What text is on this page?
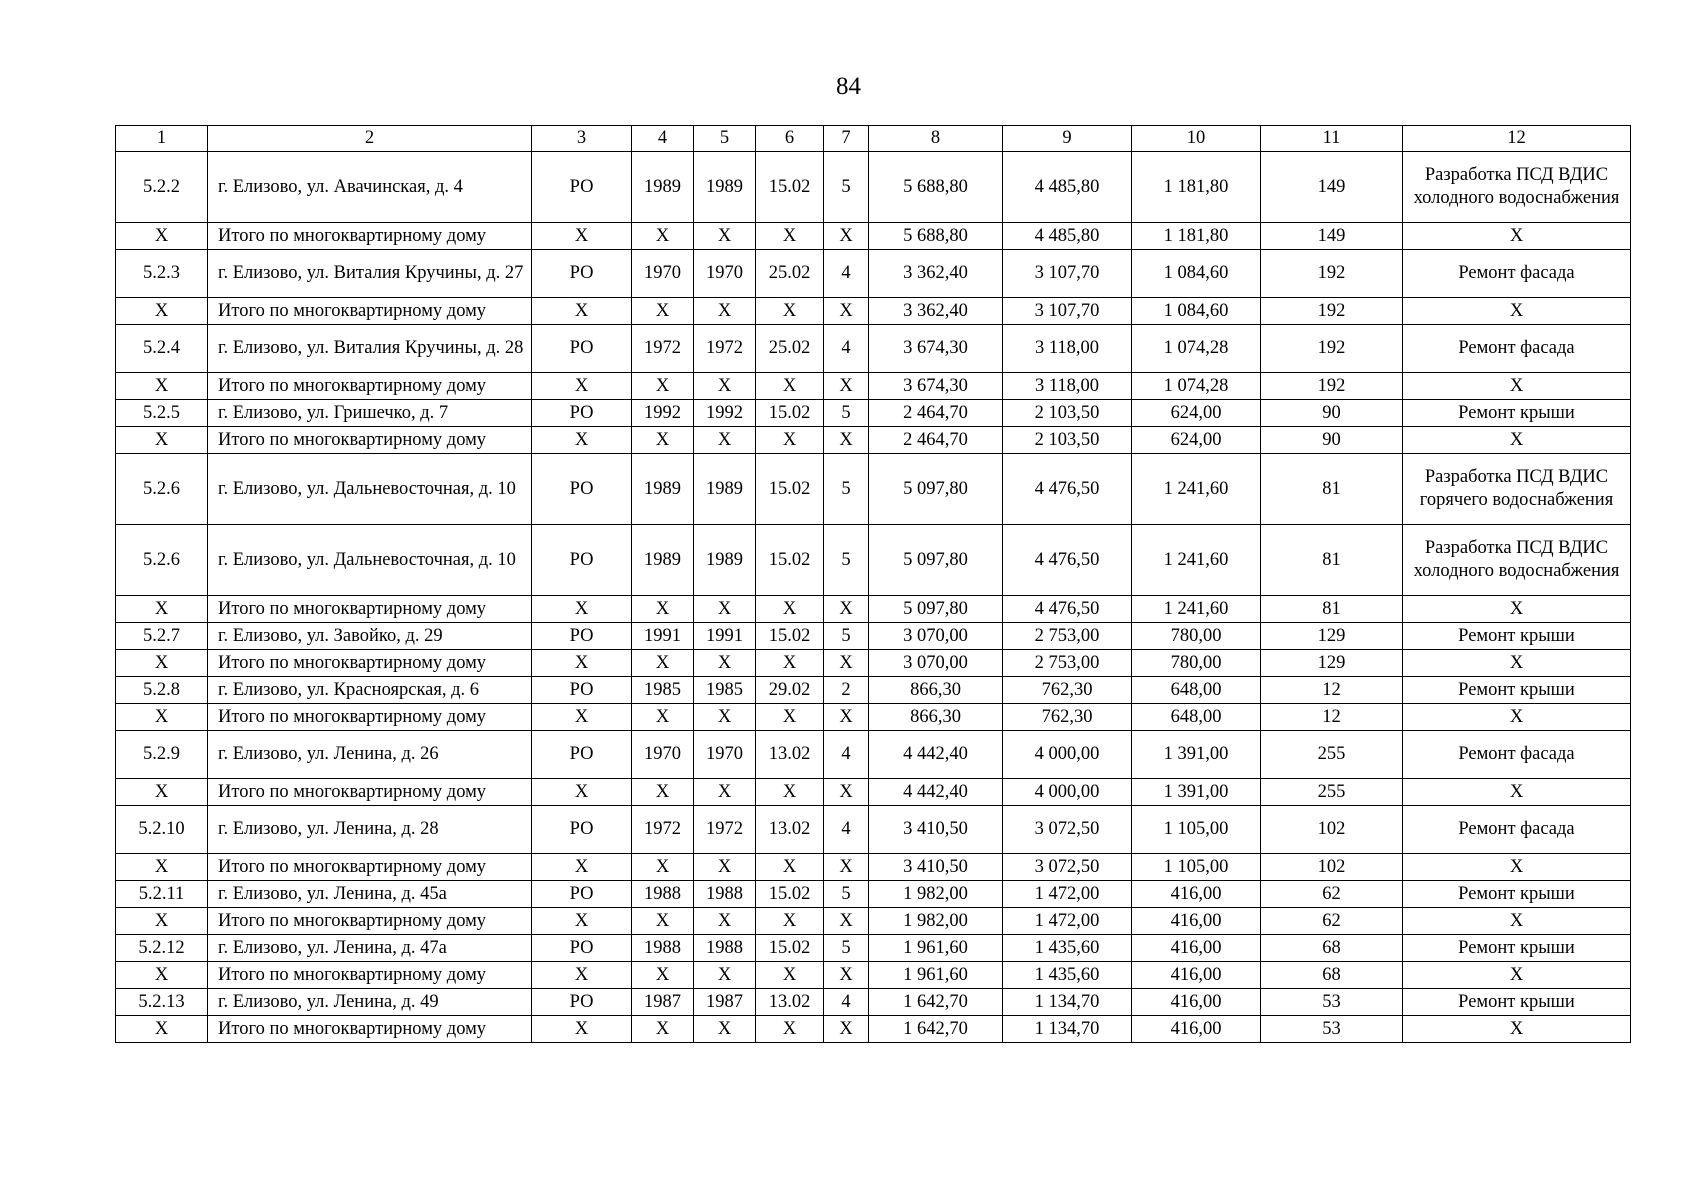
84
1	2	3	4	5	6	7	8	9	10	11	12
5.2.2	г. Елизово, ул. Авачинская, д. 4	РО	1989	1989	15.02	5	5 688,80	4 485,80	1 181,80	149	Разработка ПСД ВДИС холодного водоснабжения
Х	Итого по многоквартирному дому	Х	Х	Х	Х	Х	5 688,80	4 485,80	1 181,80	149	Х
5.2.3	г. Елизово, ул. Виталия Кручины, д. 27	РО	1970	1970	25.02	4	3 362,40	3 107,70	1 084,60	192	Ремонт фасада
Х	Итого по многоквартирному дому	Х	Х	Х	Х	Х	3 362,40	3 107,70	1 084,60	192	Х
5.2.4	г. Елизово, ул. Виталия Кручины, д. 28	РО	1972	1972	25.02	4	3 674,30	3 118,00	1 074,28	192	Ремонт фасада
Х	Итого по многоквартирному дому	Х	Х	Х	Х	Х	3 674,30	3 118,00	1 074,28	192	Х
5.2.5	г. Елизово, ул. Гришечко, д. 7	РО	1992	1992	15.02	5	2 464,70	2 103,50	624,00	90	Ремонт крыши
Х	Итого по многоквартирному дому	Х	Х	Х	Х	Х	2 464,70	2 103,50	624,00	90	Х
5.2.6	г. Елизово, ул. Дальневосточная, д. 10	РО	1989	1989	15.02	5	5 097,80	4 476,50	1 241,60	81	Разработка ПСД ВДИС горячего водоснабжения
5.2.6	г. Елизово, ул. Дальневосточная, д. 10	РО	1989	1989	15.02	5	5 097,80	4 476,50	1 241,60	81	Разработка ПСД ВДИС холодного водоснабжения
Х	Итого по многоквартирному дому	Х	Х	Х	Х	Х	5 097,80	4 476,50	1 241,60	81	Х
5.2.7	г. Елизово, ул. Завойко, д. 29	РО	1991	1991	15.02	5	3 070,00	2 753,00	780,00	129	Ремонт крыши
Х	Итого по многоквартирному дому	Х	Х	Х	Х	Х	3 070,00	2 753,00	780,00	129	Х
5.2.8	г. Елизово, ул. Красноярская, д. 6	РО	1985	1985	29.02	2	866,30	762,30	648,00	12	Ремонт крыши
Х	Итого по многоквартирному дому	Х	Х	Х	Х	Х	866,30	762,30	648,00	12	Х
5.2.9	г. Елизово, ул. Ленина, д. 26	РО	1970	1970	13.02	4	4 442,40	4 000,00	1 391,00	255	Ремонт фасада
Х	Итого по многоквартирному дому	Х	Х	Х	Х	Х	4 442,40	4 000,00	1 391,00	255	Х
5.2.10	г. Елизово, ул. Ленина, д. 28	РО	1972	1972	13.02	4	3 410,50	3 072,50	1 105,00	102	Ремонт фасада
Х	Итого по многоквартирному дому	Х	Х	Х	Х	Х	3 410,50	3 072,50	1 105,00	102	Х
5.2.11	г. Елизово, ул. Ленина, д. 45а	РО	1988	1988	15.02	5	1 982,00	1 472,00	416,00	62	Ремонт крыши
Х	Итого по многоквартирному дому	Х	Х	Х	Х	Х	1 982,00	1 472,00	416,00	62	Х
5.2.12	г. Елизово, ул. Ленина, д. 47а	РО	1988	1988	15.02	5	1 961,60	1 435,60	416,00	68	Ремонт крыши
Х	Итого по многоквартирному дому	Х	Х	Х	Х	Х	1 961,60	1 435,60	416,00	68	Х
5.2.13	г. Елизово, ул. Ленина, д. 49	РО	1987	1987	13.02	4	1 642,70	1 134,70	416,00	53	Ремонт крыши
Х	Итого по многоквартирному дому	Х	Х	Х	Х	Х	1 642,70	1 134,70	416,00	53	Х
